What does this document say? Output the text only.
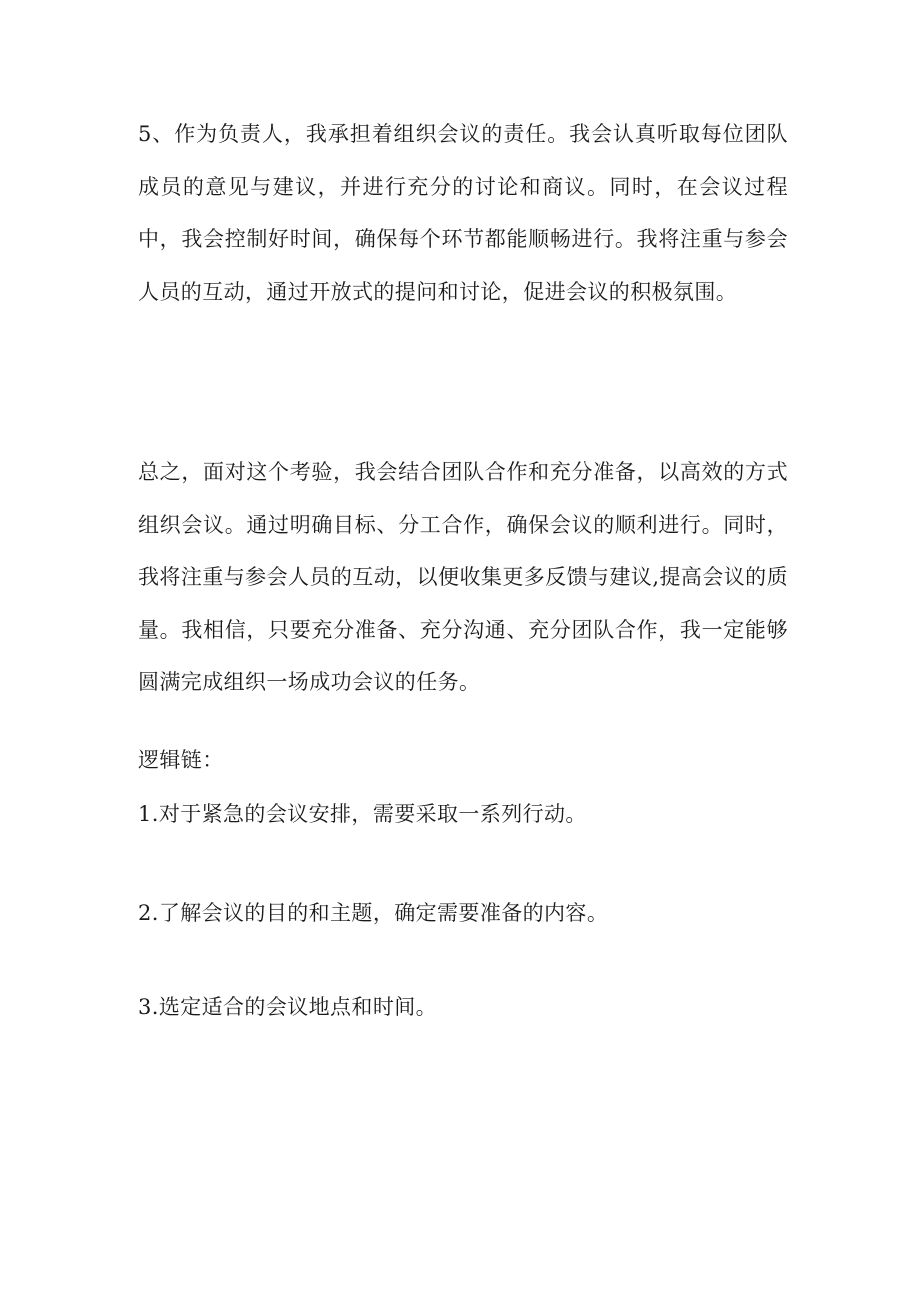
5、作为负责人，我承担着组织会议的责任。我会认真听取每位团队成员的意见与建议，并进行充分的讨论和商议。同时，在会议过程中，我会控制好时间，确保每个环节都能顺畅进行。我将注重与参会人员的互动，通过开放式的提问和讨论，促进会议的积极氛围。

总之，面对这个考验，我会结合团队合作和充分准备，以高效的方式组织会议。通过明确目标、分工合作，确保会议的顺利进行。同时，我将注重与参会人员的互动，以便收集更多反馈与建议,提高会议的质量。我相信，只要充分准备、充分沟通、充分团队合作，我一定能够圆满完成组织一场成功会议的任务。

逻辑链：

1.对于紧急的会议安排，需要采取一系列行动。

2.了解会议的目的和主题，确定需要准备的内容。

3.选定适合的会议地点和时间。
